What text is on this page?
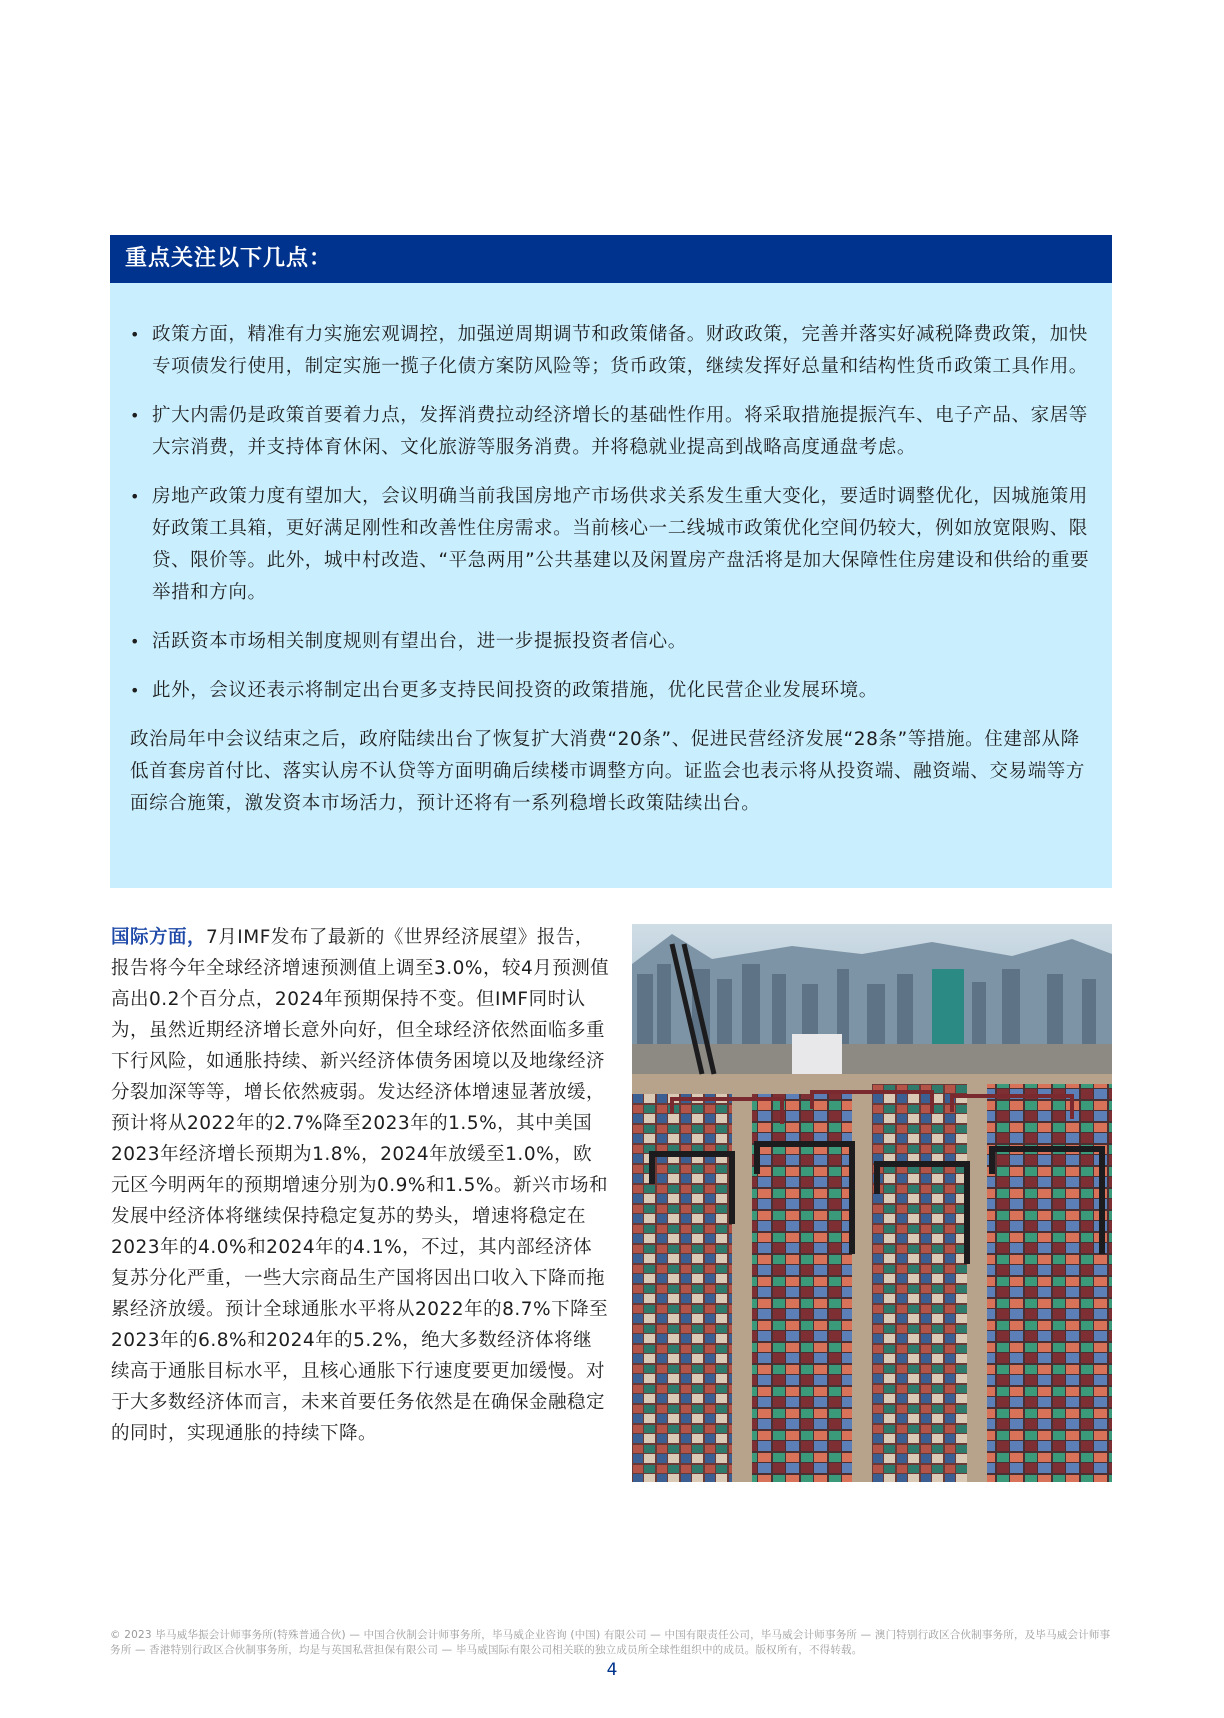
重点关注以下几点：
• 政策方面，精准有力实施宏观调控，加强逆周期调节和政策储备。财政政策，完善并落实好减税降费政策，加快专项债发行使用，制定实施一揽子化债方案防风险等；货币政策，继续发挥好总量和结构性货币政策工具作用。
• 扩大内需仍是政策首要着力点，发挥消费拉动经济增长的基础性作用。将采取措施提振汽车、电子产品、家居等大宗消费，并支持体育休闲、文化旅游等服务消费。并将稳就业提高到战略高度通盘考虑。
• 房地产政策力度有望加大，会议明确当前我国房地产市场供求关系发生重大变化，要适时调整优化，因城施策用好政策工具箱，更好满足刚性和改善性住房需求。当前核心一二线城市政策优化空间仍较大，例如放宽限购、限贷、限价等。此外，城中村改造、“平急两用”公共基建以及闲置房产盘活将是加大保障性住房建设和供给的重要举措和方向。
• 活跃资本市场相关制度规则有望出台，进一步提振投资者信心。
• 此外，会议还表示将制定出台更多支持民间投资的政策措施，优化民营企业发展环境。

政治局年中会议结束之后，政府陆续出台了恢复扩大消费“20条”、促进民营经济发展“28条”等措施。住建部从降低首套房首付比、落实认房不认贷等方面明确后续楼市调整方向。证监会也表示将从投资端、融资端、交易端等方面综合施策，激发资本市场活力，预计还将有一系列稳增长政策陆续出台。

国际方面，7月IMF发布了最新的《世界经济展望》报告，报告将今年全球经济增速预测值上调至3.0%，较4月预测值高出0.2个百分点，2024年预期保持不变。但IMF同时认为，虽然近期经济增长意外向好，但全球经济依然面临多重下行风险，如通胀持续、新兴经济体债务困境以及地缘经济分裂加深等等，增长依然疲弱。发达经济体增速显著放缓，预计将从2022年的2.7%降至2023年的1.5%，其中美国2023年经济增长预期为1.8%，2024年放缓至1.0%，欧元区今明两年的预期增速分别为0.9%和1.5%。新兴市场和发展中经济体将继续保持稳定复苏的势头，增速将稳定在2023年的4.0%和2024年的4.1%，不过，其内部经济体复苏分化严重，一些大宗商品生产国将因出口收入下降而拖累经济放缓。预计全球通胀水平将从2022年的8.7%下降至2023年的6.8%和2024年的5.2%，绝大多数经济体将继续高于通胀目标水平，且核心通胀下行速度要更加缓慢。对于大多数经济体而言，未来首要任务依然是在确保金融稳定的同时，实现通胀的持续下降。
© 2023 毕马威华振会计师事务所(特殊普通合伙) — 中国合伙制会计师事务所，毕马威企业咨询 (中国) 有限公司 — 中国有限责任公司，毕马威会计师事务所 — 澳门特别行政区合伙制事务所，及毕马威会计师事务所 — 香港特别行政区合伙制事务所，均是与英国私营担保有限公司 — 毕马威国际有限公司相关联的独立成员所全球性组织中的成员。版权所有，不得转载。
4
